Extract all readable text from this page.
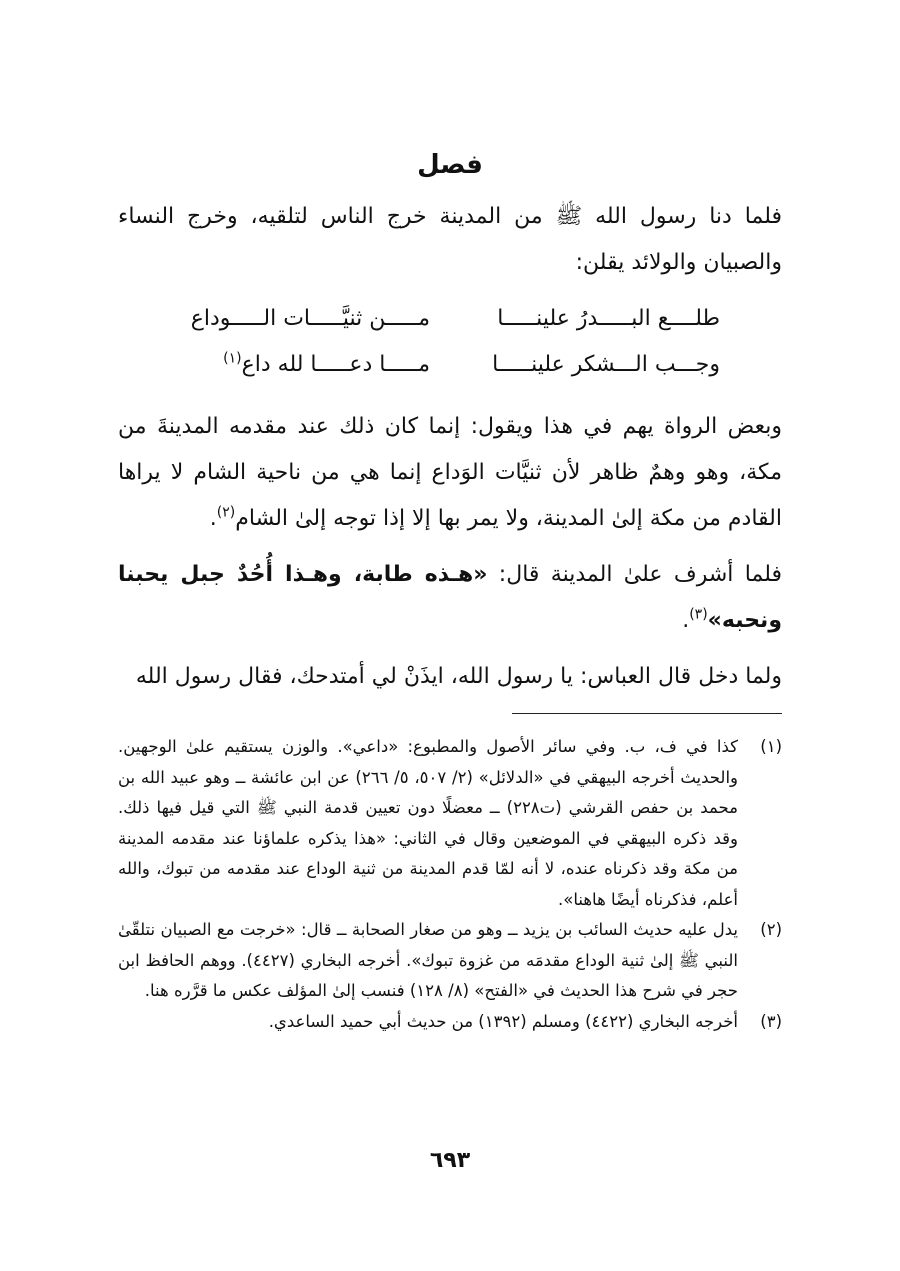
فصل
فلما دنا رسول الله ﷺ من المدينة خرج الناس لتلقيه، وخرج النساء والصبيان والولائد يقلن:
طلــــع البـــــدرُ علينـــــا
مـــــن ثنيَّـــــات الـــــوداع
وجـــب الـــشكر علينـــــا
مـــــا دعـــــا لله داع$^{(١)}$
وبعض الرواة يهم في هذا ويقول: إنما كان ذلك عند مقدمه المدينةَ من مكة، وهو وهمٌ ظاهر لأن ثنيَّات الوَداع إنما هي من ناحية الشام لا يراها القادم من مكة إلىٰ المدينة، ولا يمر بها إلا إذا توجه إلىٰ الشام$^{(٢)}$.
فلما أشرف علىٰ المدينة قال: «هـذه طابة، وهـذا أُحُدٌ جبل يحبنا ونحبه»$^{(٣)}$.
ولما دخل قال العباس: يا رسول الله، ايذَنْ لي أمتدحك، فقال رسول الله
(١)
كذا في ف، ب. وفي سائر الأصول والمطبوع: «داعي». والوزن يستقيم علىٰ الوجهين. والحديث أخرجه البيهقي في «الدلائل» (٢/ ٥٠٧، ٥/ ٢٦٦) عن ابن عائشة ــ وهو عبيد الله بن محمد بن حفص القرشي (ت٢٢٨) ــ معضلًا دون تعيين قدمة النبي ﷺ التي قيل فيها ذلك. وقد ذكره البيهقي في الموضعين وقال في الثاني: «هذا يذكره علماؤنا عند مقدمه المدينة من مكة وقد ذكرناه عنده، لا أنه لمّا قدم المدينة من ثنية الوداع عند مقدمه من تبوك، والله أعلم، فذكرناه أيضًا هاهنا».
(٢)
يدل عليه حديث السائب بن يزيد ــ وهو من صغار الصحابة ــ قال: «خرجت مع الصبيان نتلقّىٰ النبي ﷺ إلىٰ ثنية الوداع مقدمَه من غزوة تبوك». أخرجه البخاري (٤٤٢٧). ووهم الحافظ ابن حجر في شرح هذا الحديث في «الفتح» (٨/ ١٢٨) فنسب إلىٰ المؤلف عكس ما قرَّره هنا.
(٣)
أخرجه البخاري (٤٤٢٢) ومسلم (١٣٩٢) من حديث أبي حميد الساعدي.
٦٩٣
